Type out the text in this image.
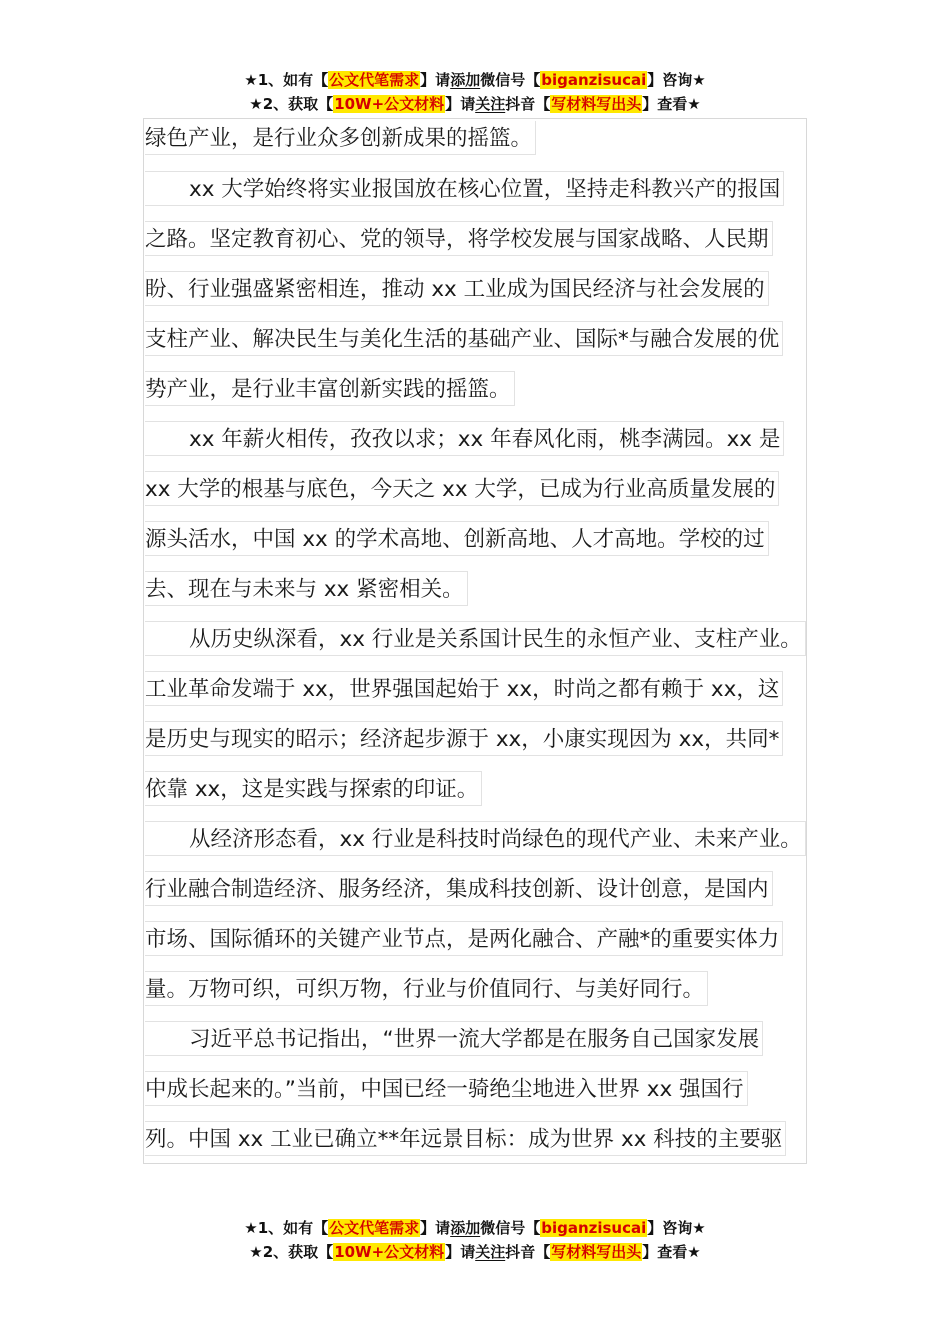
★1、如有【公文代笔需求】请添加微信号【biganzisucai】咨询★
★2、获取【10W+公文材料】请关注抖音【写材料写出头】查看★
绿色产业，是行业众多创新成果的摇篮。
xx 大学始终将实业报国放在核心位置，坚持走科教兴产的报国
之路。坚定教育初心、党的领导，将学校发展与国家战略、人民期
盼、行业强盛紧密相连，推动 xx 工业成为国民经济与社会发展的
支柱产业、解决民生与美化生活的基础产业、国际*与融合发展的优
势产业，是行业丰富创新实践的摇篮。
xx 年薪火相传，孜孜以求；xx 年春风化雨，桃李满园。xx 是
xx 大学的根基与底色，今天之 xx 大学，已成为行业高质量发展的
源头活水，中国 xx 的学术高地、创新高地、人才高地。学校的过
去、现在与未来与 xx 紧密相关。
从历史纵深看，xx 行业是关系国计民生的永恒产业、支柱产业。
工业革命发端于 xx，世界强国起始于 xx，时尚之都有赖于 xx，这
是历史与现实的昭示；经济起步源于 xx，小康实现因为 xx，共同*
依靠 xx，这是实践与探索的印证。
从经济形态看，xx 行业是科技时尚绿色的现代产业、未来产业。
行业融合制造经济、服务经济，集成科技创新、设计创意，是国内
市场、国际循环的关键产业节点，是两化融合、产融*的重要实体力
量。万物可织，可织万物，行业与价值同行、与美好同行。
习近平总书记指出，“世界一流大学都是在服务自己国家发展
中成长起来的。”当前，中国已经一骑绝尘地进入世界 xx 强国行
列。中国 xx 工业已确立**年远景目标：成为世界 xx 科技的主要驱
★1、如有【公文代笔需求】请添加微信号【biganzisucai】咨询★
★2、获取【10W+公文材料】请关注抖音【写材料写出头】查看★
